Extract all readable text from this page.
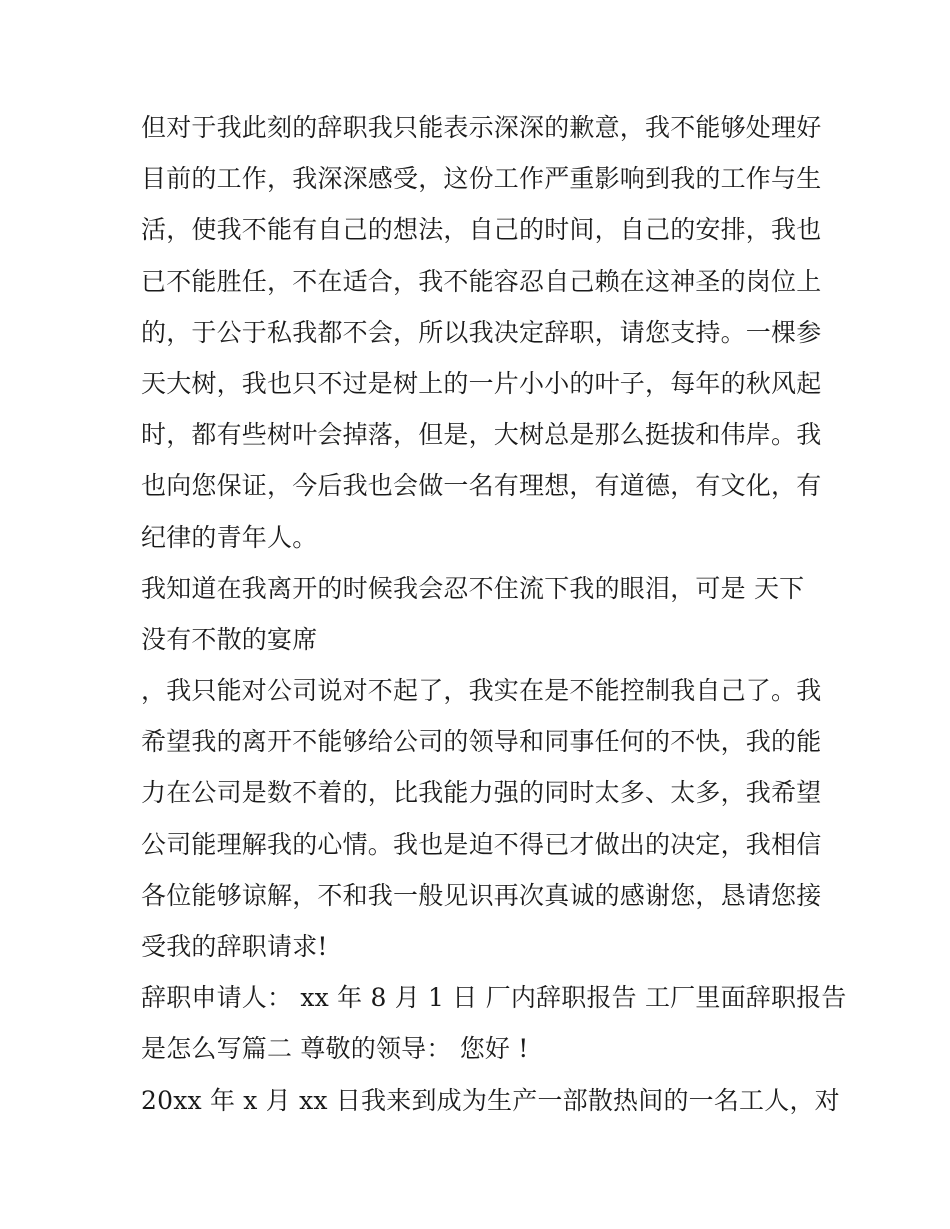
但对于我此刻的辞职我只能表示深深的歉意，我不能够处理好
目前的工作，我深深感受，这份工作严重影响到我的工作与生
活，使我不能有自己的想法，自己的时间，自己的安排，我也
已不能胜任，不在适合，我不能容忍自己赖在这神圣的岗位上
的，于公于私我都不会，所以我决定辞职，请您支持。一棵参
天大树，我也只不过是树上的一片小小的叶子，每年的秋风起
时，都有些树叶会掉落，但是，大树总是那么挺拔和伟岸。我
也向您保证，今后我也会做一名有理想，有道德，有文化，有
纪律的青年人。
我知道在我离开的时候我会忍不住流下我的眼泪，可是 天下
没有不散的宴席
，我只能对公司说对不起了，我实在是不能控制我自己了。我
希望我的离开不能够给公司的领导和同事任何的不快，我的能
力在公司是数不着的，比我能力强的同时太多、太多，我希望
公司能理解我的心情。我也是迫不得已才做出的决定，我相信
各位能够谅解，不和我一般见识再次真诚的感谢您，恳请您接
受我的辞职请求!
辞职申请人： xx 年 8 月 1 日 厂内辞职报告 工厂里面辞职报告
是怎么写篇二 尊敬的领导： 您好 !
20xx 年 x 月 xx 日我来到成为生产一部散热间的一名工人，对
